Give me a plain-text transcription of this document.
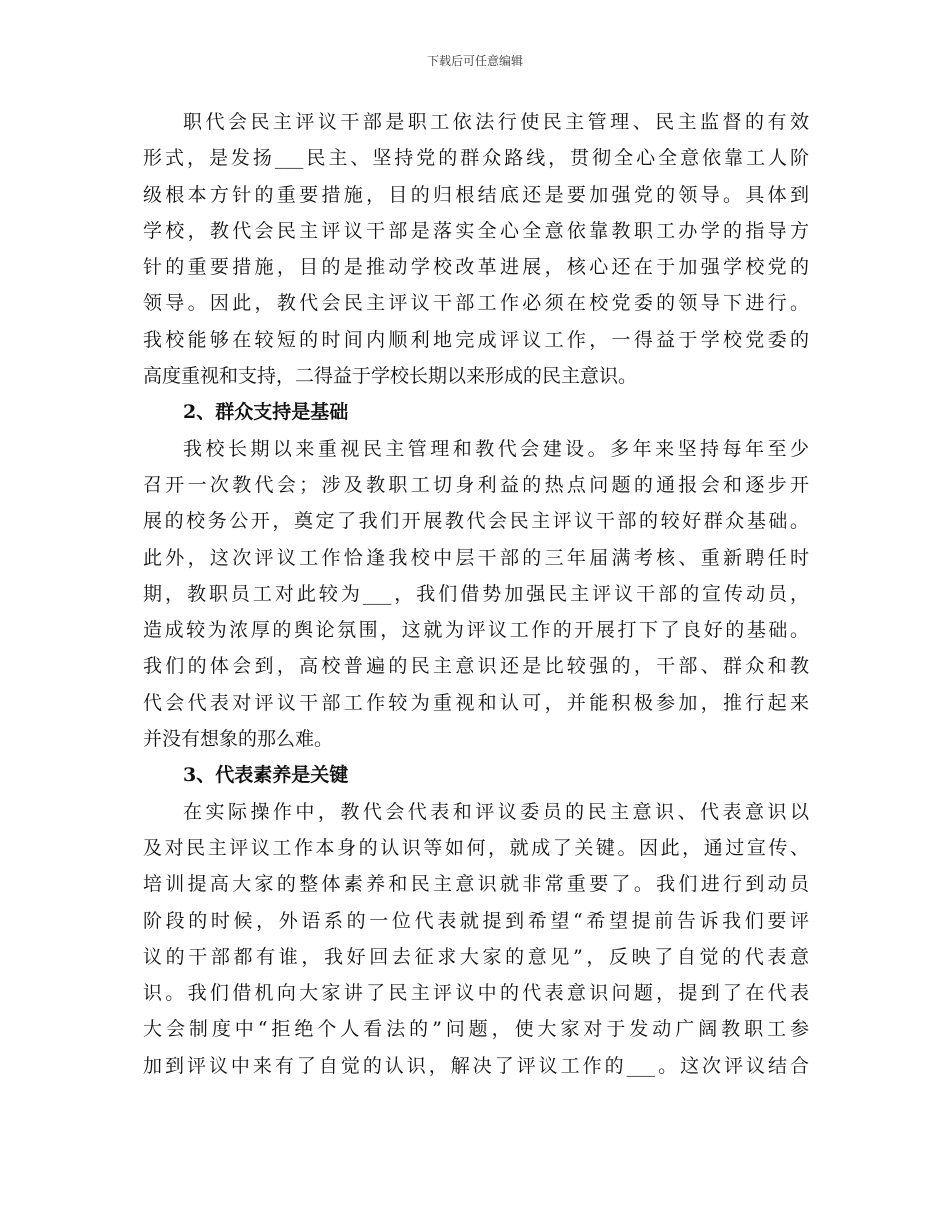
下载后可任意编辑
职代会民主评议干部是职工依法行使民主管理、民主监督的有效
形式，是发扬___民主、坚持党的群众路线，贯彻全心全意依靠工人阶
级根本方针的重要措施，目的归根结底还是要加强党的领导。具体到
学校，教代会民主评议干部是落实全心全意依靠教职工办学的指导方
针的重要措施，目的是推动学校改革进展，核心还在于加强学校党的
领导。因此，教代会民主评议干部工作必须在校党委的领导下进行。
我校能够在较短的时间内顺利地完成评议工作，一得益于学校党委的
高度重视和支持，二得益于学校长期以来形成的民主意识。
2、群众支持是基础
我校长期以来重视民主管理和教代会建设。多年来坚持每年至少
召开一次教代会；涉及教职工切身利益的热点问题的通报会和逐步开
展的校务公开，奠定了我们开展教代会民主评议干部的较好群众基础。
此外，这次评议工作恰逢我校中层干部的三年届满考核、重新聘任时
期，教职员工对此较为___，我们借势加强民主评议干部的宣传动员，
造成较为浓厚的舆论氛围，这就为评议工作的开展打下了良好的基础。
我们的体会到，高校普遍的民主意识还是比较强的，干部、群众和教
代会代表对评议干部工作较为重视和认可，并能积极参加，推行起来
并没有想象的那么难。
3、代表素养是关键
在实际操作中，教代会代表和评议委员的民主意识、代表意识以
及对民主评议工作本身的认识等如何，就成了关键。因此，通过宣传、
培训提高大家的整体素养和民主意识就非常重要了。我们进行到动员
阶段的时候，外语系的一位代表就提到希望“希望提前告诉我们要评
议的干部都有谁，我好回去征求大家的意见”，反映了自觉的代表意
识。我们借机向大家讲了民主评议中的代表意识问题，提到了在代表
大会制度中“拒绝个人看法的”问题，使大家对于发动广阔教职工参
加到评议中来有了自觉的认识，解决了评议工作的___。这次评议结合
